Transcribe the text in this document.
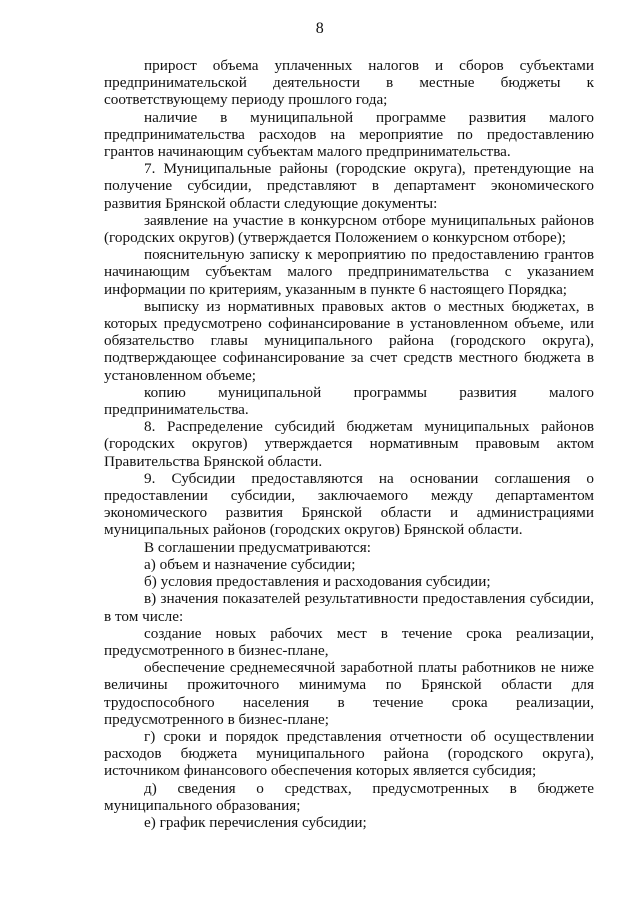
8

прирост объема уплаченных налогов и сборов субъектами предпринимательской деятельности в местные бюджеты к соответствующему периоду прошлого года;

наличие в муниципальной программе развития малого предпринимательства расходов на мероприятие по предоставлению грантов начинающим субъектам малого предпринимательства.

7. Муниципальные районы (городские округа), претендующие на получение субсидии, представляют в департамент экономического развития Брянской области следующие документы:

заявление на участие в конкурсном отборе муниципальных районов (городских округов) (утверждается Положением о конкурсном отборе);

пояснительную записку к мероприятию по предоставлению грантов начинающим субъектам малого предпринимательства с указанием информации по критериям, указанным в пункте 6 настоящего Порядка;

выписку из нормативных правовых актов о местных бюджетах, в которых предусмотрено софинансирование в установленном объеме, или обязательство главы муниципального района (городского округа), подтверждающее софинансирование за счет средств местного бюджета в установленном объеме;

копию муниципальной программы развития малого предпринимательства.

8. Распределение субсидий бюджетам муниципальных районов (городских округов) утверждается нормативным правовым актом Правительства Брянской области.

9. Субсидии предоставляются на основании соглашения о предоставлении субсидии, заключаемого между департаментом экономического развития Брянской области и администрациями муниципальных районов (городских округов) Брянской области.

В соглашении предусматриваются:

а) объем и назначение субсидии;

б) условия предоставления и расходования субсидии;

в) значения показателей результативности предоставления субсидии, в том числе:

создание новых рабочих мест в течение срока реализации, предусмотренного в бизнес-плане,

обеспечение среднемесячной заработной платы работников не ниже величины прожиточного минимума по Брянской области для трудоспособного населения в течение срока реализации, предусмотренного в бизнес-плане;

г) сроки и порядок представления отчетности об осуществлении расходов бюджета муниципального района (городского округа), источником финансового обеспечения которых является субсидия;

д) сведения о средствах, предусмотренных в бюджете муниципального образования;

е) график перечисления субсидии;
